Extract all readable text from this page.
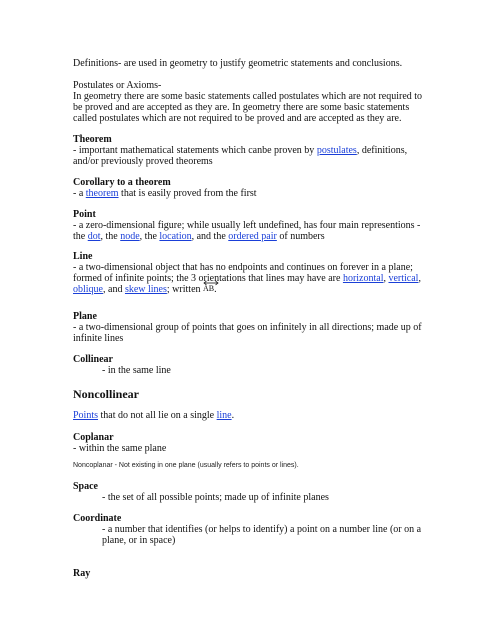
Definitions- are used in geometry to justify geometric statements and conclusions.

Postulates or Axioms-

In geometry there are some basic statements called postulates which are not required to be proved and are accepted as they are. In geometry there are some basic statements called postulates which are not required to be proved and are accepted as they are.

Theorem

- important mathematical statements which canbe proven by postulates, definitions, and/or previously proved theorems

Corollary to a theorem

- a theorem that is easily proved from the first

Point

- a zero-dimensional figure; while usually left undefined, has four main representions - the dot, the node, the location, and the ordered pair of numbers

Line

- a two-dimensional object that has no endpoints and continues on forever in a plane; formed of infinite points; the 3 orientations that lines may have are horizontal, vertical,
oblique, and skew lines; written
AB.

Plane

- a two-dimensional group of points that goes on infinitely in all directions; made up of infinite lines

Collinear

- in the same line

Noncollinear

Points that do not all lie on a single line.

Coplanar

- within the same plane

Noncoplanar - Not existing in one plane (usually refers to points or lines).

Space

- the set of all possible points; made up of infinite planes

Coordinate

- a number that identifies (or helps to identify) a point on a number line (or on a plane, or in space)

Ray
